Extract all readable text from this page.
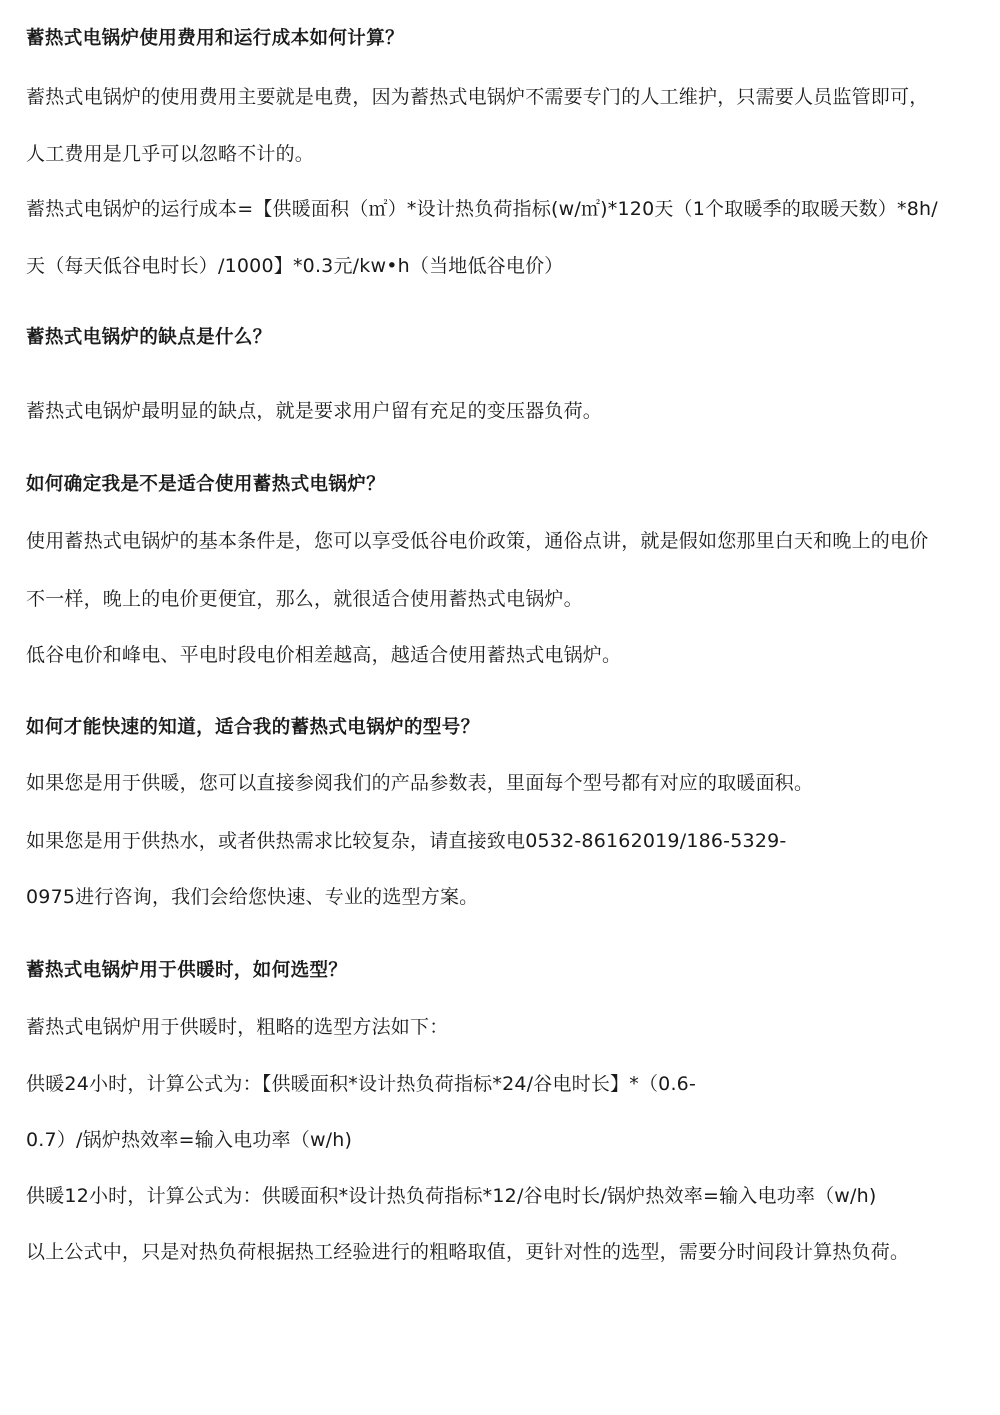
蓄热式电锅炉使用费用和运行成本如何计算？
蓄热式电锅炉的使用费用主要就是电费，因为蓄热式电锅炉不需要专门的人工维护，只需要人员监管即可，
人工费用是几乎可以忽略不计的。
蓄热式电锅炉的运行成本=【供暖面积（㎡）*设计热负荷指标(w/㎡)*120天（1个取暖季的取暖天数）*8h/
天（每天低谷电时长）/1000】*0.3元/kw•h（当地低谷电价）
蓄热式电锅炉的缺点是什么？
蓄热式电锅炉最明显的缺点，就是要求用户留有充足的变压器负荷。
如何确定我是不是适合使用蓄热式电锅炉？
使用蓄热式电锅炉的基本条件是，您可以享受低谷电价政策，通俗点讲，就是假如您那里白天和晚上的电价
不一样，晚上的电价更便宜，那么，就很适合使用蓄热式电锅炉。
低谷电价和峰电、平电时段电价相差越高，越适合使用蓄热式电锅炉。
如何才能快速的知道，适合我的蓄热式电锅炉的型号？
如果您是用于供暖，您可以直接参阅我们的产品参数表，里面每个型号都有对应的取暖面积。
如果您是用于供热水，或者供热需求比较复杂，请直接致电0532-86162019/186-5329-
0975进行咨询，我们会给您快速、专业的选型方案。
蓄热式电锅炉用于供暖时，如何选型？
蓄热式电锅炉用于供暖时，粗略的选型方法如下：
供暖24小时，计算公式为：【供暖面积*设计热负荷指标*24/谷电时长】*（0.6-
0.7）/锅炉热效率=输入电功率（w/h)
供暖12小时，计算公式为：供暖面积*设计热负荷指标*12/谷电时长/锅炉热效率=输入电功率（w/h)
以上公式中，只是对热负荷根据热工经验进行的粗略取值，更针对性的选型，需要分时间段计算热负荷。
